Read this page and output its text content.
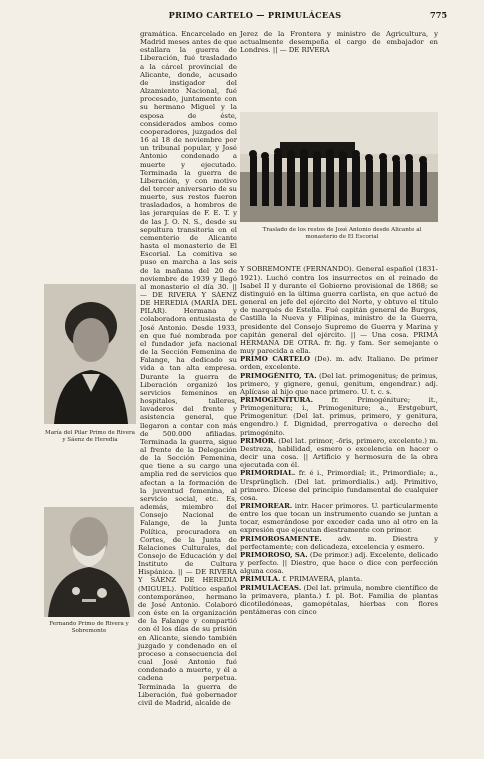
PRIMO CARTELO — PRIMULÁCEAS	775
Traslado de los restos de José Antonio desde Alicante al monasterio de El Escorial
María del Pilar Primo de Rivera y Sáenz de Heredia
Fernando Primo de Rivera y Sobremonte

gramática. Encarcelado en Madrid meses antes de que estallara la guerra de Liberación, fué trasladado a la cárcel provincial de Alicante, donde, acusado de instigador del Alzamiento Nacional, fué procesado, juntamente con su hermano Miguel y la esposa de éste, considerados ambos como cooperadores, juzgados del 16 al 18 de noviembre por un tribunal popular, y José Antonio condenado a muerte y ejecutado. Terminada la guerra de Liberación, y con motivo del tercer aniversario de su muerte, sus restos fueron trasladados, a hombros de las jerarquías de F. E. T. y de las J. O. N. S., desde su sepultura transitoria en el cementerio de Alicante hasta el monasterio de El Escorial. La comitiva se puso en marcha a las seis de la mañana del 20 de noviembre de 1939 y llegó al monasterio el día 30. || — DE RIVERA Y SÁENZ DE HEREDIA (MARÍA DEL PILAR). Hermana y colaboradora entusiasta de José Antonio. Desde 1933, en que fué nombrada por el fundador jefa nacional de la Sección Femenina de Falange, ha dedicado su vida a tan alta empresa. Durante la guerra de Liberación organizó los servicios femeninos en hospitales, talleres, lavaderos del frente y asistencia general, que llegaron a contar con más de 500.000 afiliadas. Terminada la guerra, sigue al frente de la Delegación de la Sección Femenina, que tiene a su cargo una amplia red de servicios que afectan a la formación de la juventud femenina, al servicio social, etc. Es, además, miembro del Consejo Nacional de Falange, de la Junta Política, procuradora en Cortes, de la Junta de Relaciones Culturales, del Consejo de Educación y del Instituto de Cultura Hispánica. || — DE RIVERA Y SÁENZ DE HEREDIA (MIGUEL). Político español contemporáneo, hermano de José Antonio. Colaboró con éste en la organización de la Falange y compartió con él los días de su prisión en Alicante, siendo también juzgado y condenado en el proceso a consecuencia del cual José Antonio fué condenado a muerte, y él a cadena perpetua. Terminada la guerra de Liberación, fué gobernador civil de Madrid, alcalde de

Jerez de la Frontera y ministro de Agricultura, y actualmente desempeña el cargo de embajador en Londres. || — DE RIVERA

Y SOBREMONTE (FERNANDO). General español (1831-1921). Luchó contra los insurrectos en el reinado de Isabel II y durante el Gobierno provisional de 1868; se distinguió en la última guerra carlista, en que actuó de general en jefe del ejército del Norte, y obtuvo el título de marqués de Estella. Fué capitán general de Burgos, Castilla la Nueva y Filipinas, ministro de la Guerra, presidente del Consejo Supremo de Guerra y Marina y capitán general del ejército. || — Una cosa. PRIMA HERMANA DE OTRA. fr. fig. y fam. Ser semejante o muy parecida a ella.

PRIMO CARTELO (De). m. adv. Italiano. De primer orden, excelente.

PRIMOGÉNITO, TA. (Del lat. primogenitus; de primus, primero, y gignere, genui, genitum, engendrar.) adj. Aplícase al hijo que nace primero. U. t. c. s.

PRIMOGENITURA.	fr. Primogéniture; it., Primogenitura; i., Primogeniture; a., Erstgeburt, Primogenitur. (Del lat. primus, primero, y genitura, engendro.) f. Dignidad, prerrogativa o derecho del primogénito.

PRIMOR. (Del lat. primor, -ōris, primero, excelente.) m. Destreza, habilidad, esmero o excelencia en hacer o decir una cosa. || Artificio y hermosura de la obra ejecutada con él.

PRIMORDIAL. fr. é i., Primordial; it., Primordiale; a., Ursprünglich. (Del lat. primordialis.) adj. Primitivo, primero. Dícese del principio fundamental de cualquier cosa.

PRIMOREAR. intr. Hacer primores. U. particularmente entre los que tocan un instrumento cuando se juntan a tocar, esmerándose por exceder cada uno al otro en la expresión que ejecutan diestramente con primor.

PRIMOROSAMENTE. adv. m. Diestra y perfectamente; con delicadeza, excelencia y esmero.

PRIMOROSO, SA. (De primor.) adj. Excelente, delicado y perfecto. || Diestro, que hace o dice con perfección alguna cosa.

PRIMULA. f. PRIMAVERA, planta.

PRIMULÁCEAS. (Del lat. primula, nombre científico de la primavera, planta.) f. pl. Bot. Familia de plantas dicotiledóneas, gamopétalas, hierbas con flores pentámeras con cinco
